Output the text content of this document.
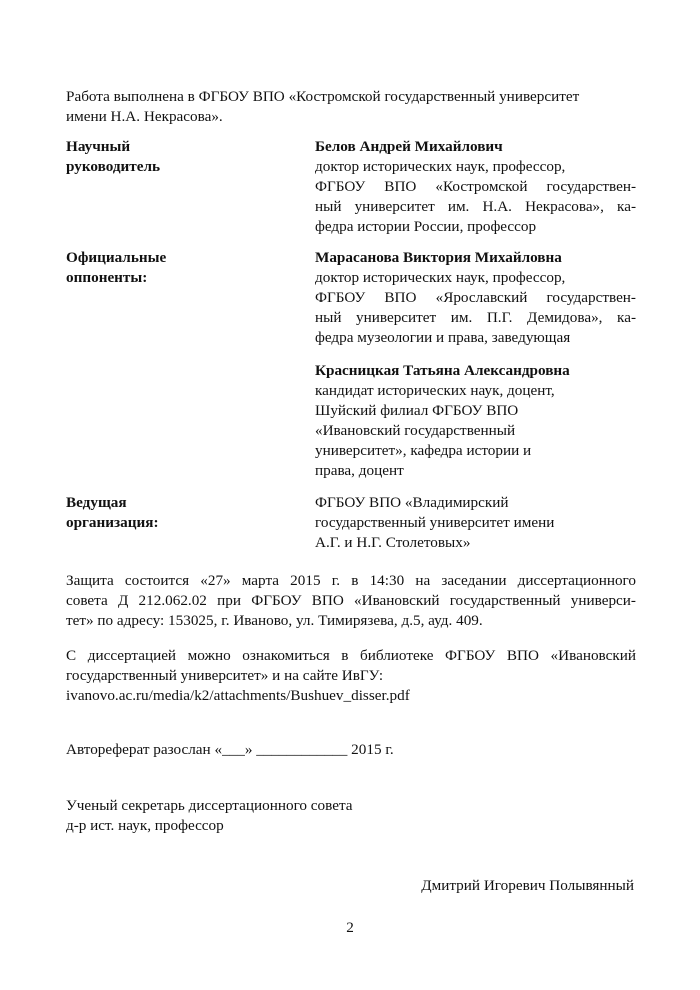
Работа выполнена в ФГБОУ ВПО «Костромской государственный университет
имени Н.А. Некрасова».
Научный
руководитель
Белов Андрей Михайлович
доктор исторических наук, профессор,
ФГБОУ ВПО «Костромской государствен-
ный университет им. Н.А. Некрасова», ка-
федра истории России, профессор
Официальные
оппоненты:
Марасанова Виктория Михайловна
доктор исторических наук, профессор,
ФГБОУ ВПО «Ярославский государствен-
ный университет им. П.Г. Демидова», ка-
федра музеологии и права, заведующая
Красницкая Татьяна Александровна
кандидат исторических наук, доцент,
Шуйский филиал ФГБОУ ВПО
«Ивановский государственный
университет», кафедра истории и
права, доцент
Ведущая
организация:
ФГБОУ ВПО «Владимирский
государственный университет имени
А.Г. и Н.Г. Столетовых»
Защита состоится «27» марта 2015 г. в 14:30 на заседании диссертационного
совета Д 212.062.02 при ФГБОУ ВПО «Ивановский государственный универси-
тет» по адресу: 153025, г. Иваново, ул. Тимирязева, д.5, ауд. 409.
С диссертацией можно ознакомиться в библиотеке ФГБОУ ВПО «Ивановский
государственный университет» и на сайте ИвГУ:
ivanovo.ac.ru/media/k2/attachments/Bushuev_disser.pdf
Автореферат разослан «___» ____________ 2015 г.
Ученый секретарь диссертационного совета
д-р ист. наук, профессор
Дмитрий Игоревич Полывянный
2
